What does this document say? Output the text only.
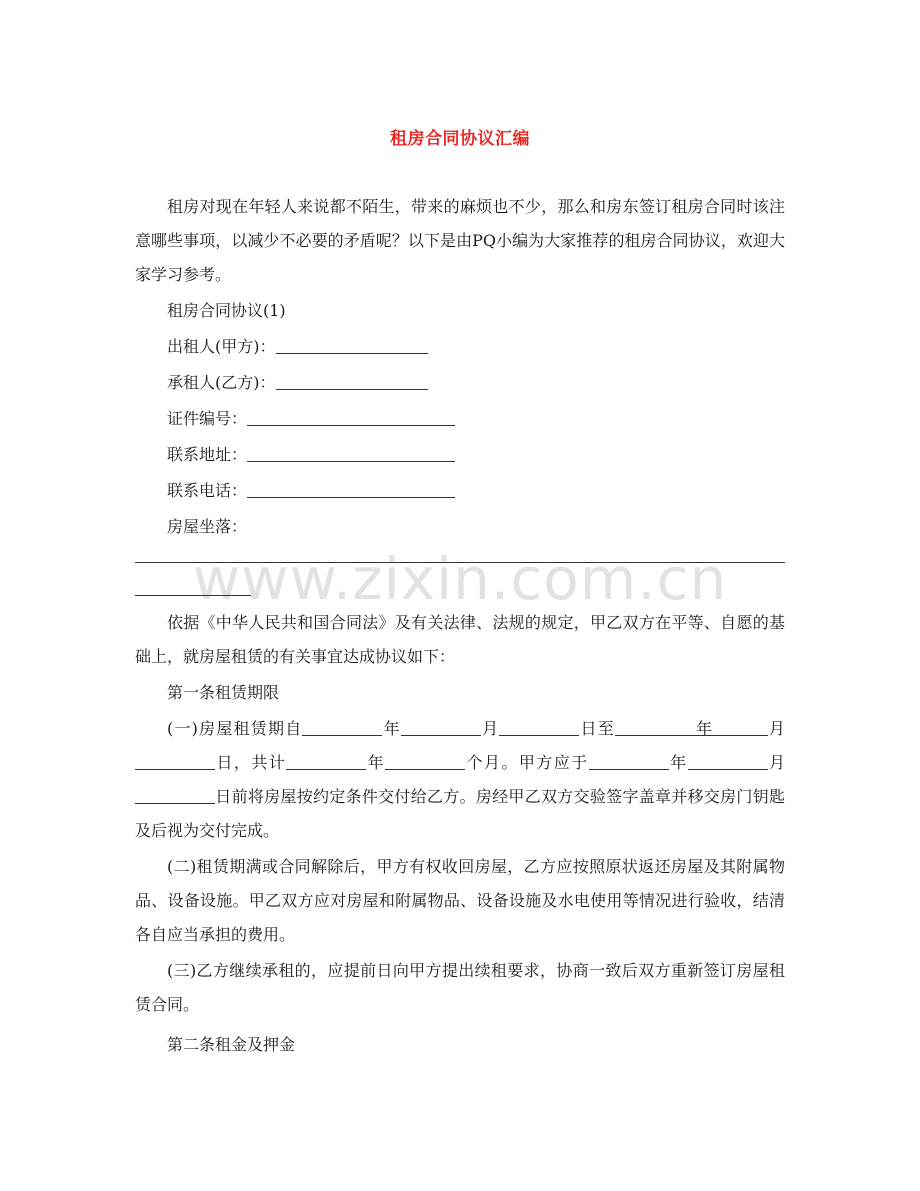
www.zixin.com.cn
租房合同协议汇编

租房对现在年轻人来说都不陌生，带来的麻烦也不少，那么和房东签订租房合同时该注意哪些事项，以减少不必要的矛盾呢？以下是由PQ小编为大家推荐的租房合同协议，欢迎大家学习参考。

租房合同协议(1)

出租人(甲方)：

承租人(乙方)：

证件编号：

联系地址：

联系电话：

房屋坐落：

依据《中华人民共和国合同法》及有关法律、法规的规定，甲乙双方在平等、自愿的基础上，就房屋租赁的有关事宜达成协议如下：

第一条租赁期限

(一)房屋租赁期自	年	月	日至	年	月 日，共计	年	个月。甲方应于	年	月日前将房屋按约定条件交付给乙方。房经甲乙双方交验签字盖章并移交房门钥匙及后视为交付完成。

(二)租赁期满或合同解除后，甲方有权收回房屋，乙方应按照原状返还房屋及其附属物品、设备设施。甲乙双方应对房屋和附属物品、设备设施及水电使用等情况进行验收，结清各自应当承担的费用。

(三)乙方继续承租的，应提前日向甲方提出续租要求，协商一致后双方重新签订房屋租赁合同。

第二条租金及押金
